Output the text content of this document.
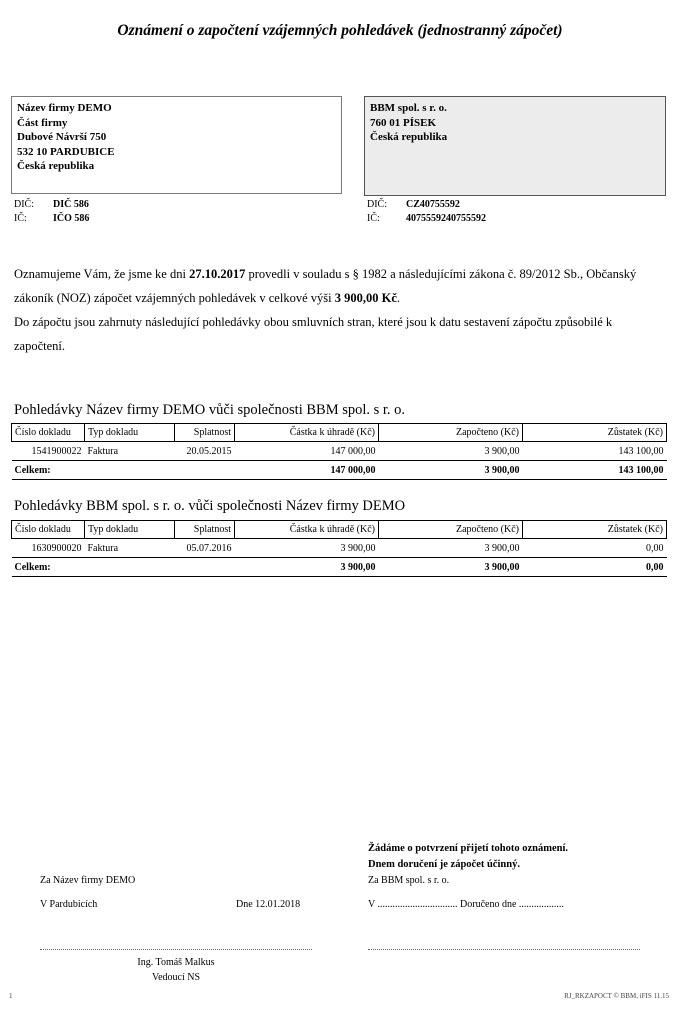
Oznámení o započtení vzájemných pohledávek (jednostranný zápočet)
Název firmy DEMO
Část firmy
Dubové Návrší 750
532 10 PARDUBICE
Česká republika
DIČ: DIČ 586
IČ:	IČO 586
BBM spol. s r. o.
760 01 PÍSEK
Česká republika
DIČ: CZ40755592
IČ:	4075559240755592
Oznamujeme Vám, že jsme ke dni 27.10.2017 provedli v souladu s § 1982 a následujícími zákona č. 89/2012 Sb., Občanský zákoník (NOZ) zápočet vzájemných pohledávek v celkové výši 3 900,00 Kč.
Do zápočtu jsou zahrnuty následující pohledávky obou smluvních stran, které jsou k datu sestavení zápočtu způsobilé k započtení.
Pohledávky Název firmy DEMO vůči společnosti BBM spol. s r. o.
Číslo dokladu	Typ dokladu	Splatnost	Částka k úhradě (Kč)	Započteno (Kč)	Zůstatek (Kč)
1541900022	Faktura	20.05.2015	147 000,00	3 900,00	143 100,00
Celkem:			147 000,00	3 900,00	143 100,00
Pohledávky BBM spol. s r. o. vůči společnosti Název firmy DEMO
Číslo dokladu	Typ dokladu	Splatnost	Částka k úhradě (Kč)	Započteno (Kč)	Zůstatek (Kč)
1630900020	Faktura	05.07.2016	3 900,00	3 900,00	0,00
Celkem:			3 900,00	3 900,00	0,00
Žádáme o potvrzení přijetí tohoto oznámení.
Dnem doručení je zápočet účinný.
Za Název firmy DEMO	Za BBM spol. s r. o.
V Pardubicích	Dne 12.01.2018	V ................................ Doručeno dne ..................
Ing. Tomáš Malkus
Vedoucí NS
1	RJ_RKZAPOCT © BBM, iFIS 11.15
